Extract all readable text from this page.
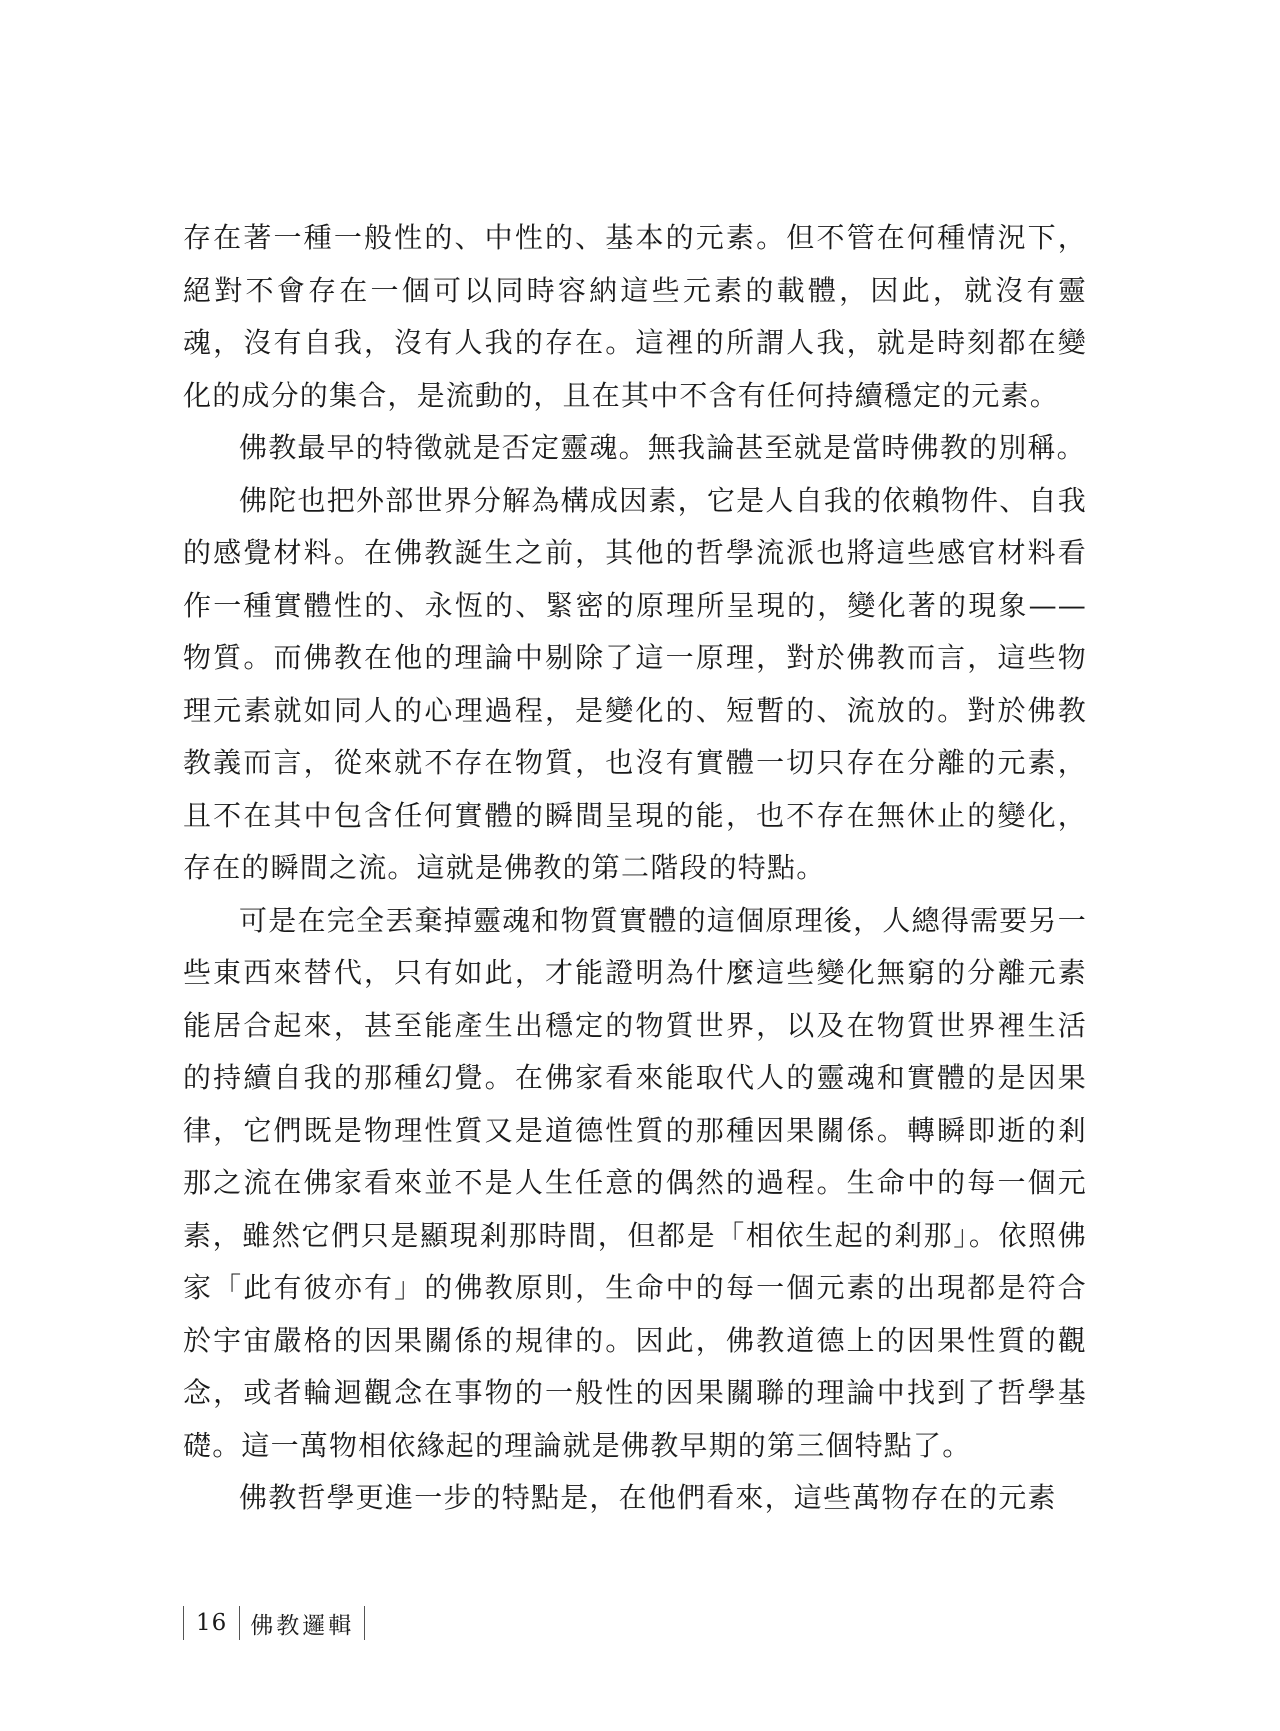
存在著一種一般性的、中性的、基本的元素。但不管在何種情況下，絕對不會存在一個可以同時容納這些元素的載體，因此，就沒有靈魂，沒有自我，沒有人我的存在。這裡的所謂人我，就是時刻都在變化的成分的集合，是流動的，且在其中不含有任何持續穩定的元素。

佛教最早的特徵就是否定靈魂。無我論甚至就是當時佛教的別稱。

佛陀也把外部世界分解為構成因素，它是人自我的依賴物件、自我的感覺材料。在佛教誕生之前，其他的哲學流派也將這些感官材料看作一種實體性的、永恆的、緊密的原理所呈現的，變化著的現象——物質。而佛教在他的理論中剔除了這一原理，對於佛教而言，這些物理元素就如同人的心理過程，是變化的、短暫的、流放的。對於佛教教義而言，從來就不存在物質，也沒有實體一切只存在分離的元素，且不在其中包含任何實體的瞬間呈現的能，也不存在無休止的變化，存在的瞬間之流。這就是佛教的第二階段的特點。

可是在完全丟棄掉靈魂和物質實體的這個原理後，人總得需要另一些東西來替代，只有如此，才能證明為什麼這些變化無窮的分離元素能居合起來，甚至能產生出穩定的物質世界，以及在物質世界裡生活的持續自我的那種幻覺。在佛家看來能取代人的靈魂和實體的是因果律，它們既是物理性質又是道德性質的那種因果關係。轉瞬即逝的剎那之流在佛家看來並不是人生任意的偶然的過程。生命中的每一個元素，雖然它們只是顯現剎那時間，但都是「相依生起的剎那」。依照佛家「此有彼亦有」的佛教原則，生命中的每一個元素的出現都是符合於宇宙嚴格的因果關係的規律的。因此，佛教道德上的因果性質的觀念，或者輪迴觀念在事物的一般性的因果關聯的理論中找到了哲學基礎。這一萬物相依緣起的理論就是佛教早期的第三個特點了。

佛教哲學更進一步的特點是，在他們看來，這些萬物存在的元素

16	佛教邏輯
